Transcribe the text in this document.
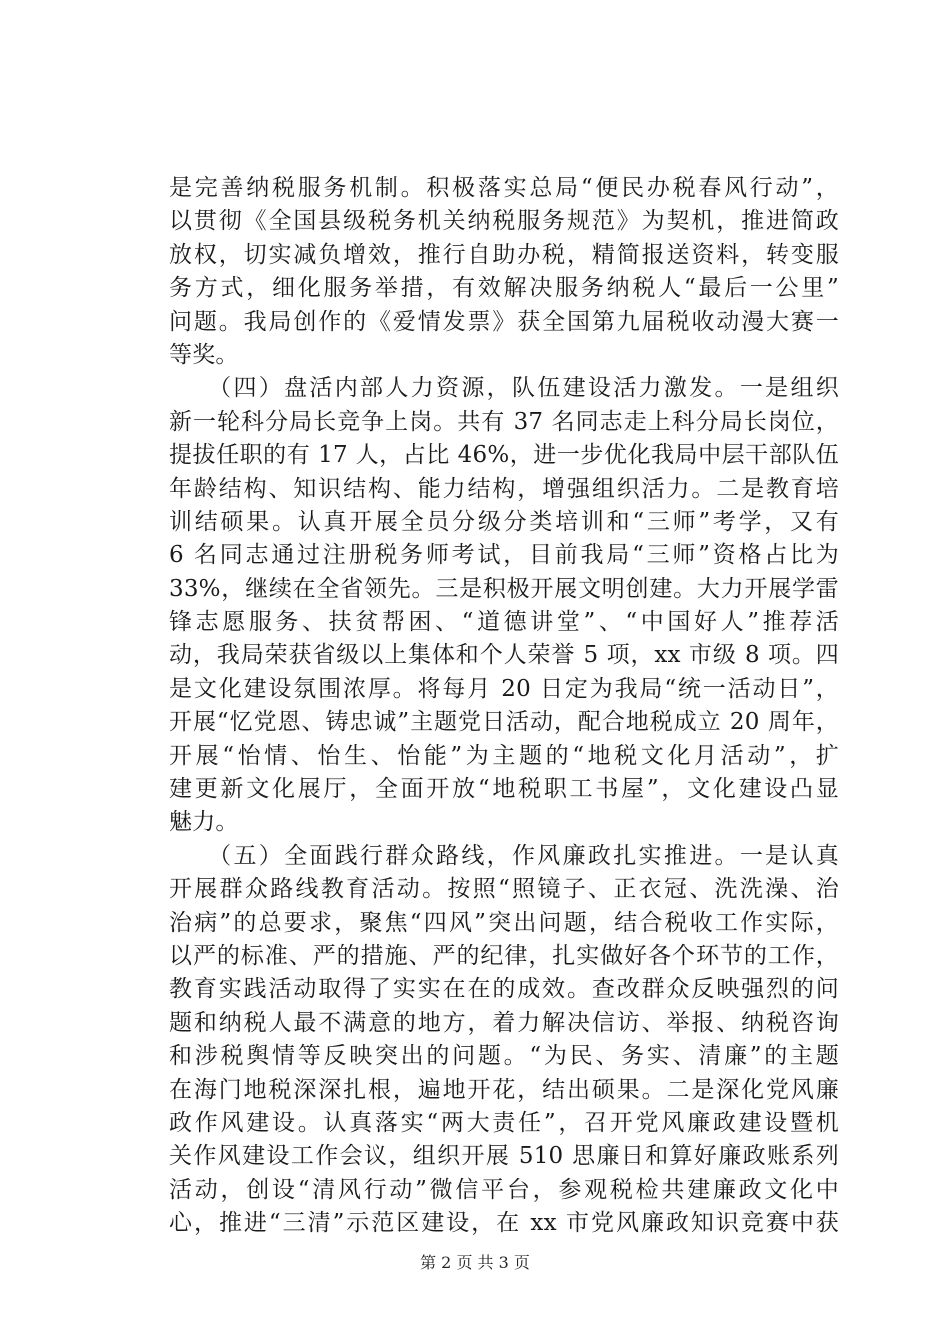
是完善纳税服务机制。积极落实总局“便民办税春风行动”，
以贯彻《全国县级税务机关纳税服务规范》为契机，推进简政
放权，切实减负增效，推行自助办税，精简报送资料，转变服
务方式，细化服务举措，有效解决服务纳税人“最后一公里”
问题。我局创作的《爱情发票》获全国第九届税收动漫大赛一
等奖。
　　（四）盘活内部人力资源，队伍建设活力激发。一是组织
新一轮科分局长竞争上岗。共有 37 名同志走上科分局长岗位，
提拔任职的有 17 人，占比 46%，进一步优化我局中层干部队伍
年龄结构、知识结构、能力结构，增强组织活力。二是教育培
训结硕果。认真开展全员分级分类培训和“三师”考学，又有
6 名同志通过注册税务师考试，目前我局“三师”资格占比为
33%，继续在全省领先。三是积极开展文明创建。大力开展学雷
锋志愿服务、扶贫帮困、“道德讲堂”、“中国好人”推荐活
动，我局荣获省级以上集体和个人荣誉 5 项，xx 市级 8 项。四
是文化建设氛围浓厚。将每月 20 日定为我局“统一活动日”，
开展“忆党恩、铸忠诚”主题党日活动，配合地税成立 20 周年，
开展“怡情、怡生、怡能”为主题的“地税文化月活动”，扩
建更新文化展厅，全面开放“地税职工书屋”，文化建设凸显
魅力。
　　（五）全面践行群众路线，作风廉政扎实推进。一是认真
开展群众路线教育活动。按照“照镜子、正衣冠、洗洗澡、治
治病”的总要求，聚焦“四风”突出问题，结合税收工作实际，
以严的标准、严的措施、严的纪律，扎实做好各个环节的工作，
教育实践活动取得了实实在在的成效。查改群众反映强烈的问
题和纳税人最不满意的地方，着力解决信访、举报、纳税咨询
和涉税舆情等反映突出的问题。“为民、务实、清廉”的主题
在海门地税深深扎根，遍地开花，结出硕果。二是深化党风廉
政作风建设。认真落实“两大责任”，召开党风廉政建设暨机
关作风建设工作会议，组织开展 510 思廉日和算好廉政账系列
活动，创设“清风行动”微信平台，参观税检共建廉政文化中
心，推进“三清”示范区建设，在 xx 市党风廉政知识竞赛中获
第 2 页 共 3 页
